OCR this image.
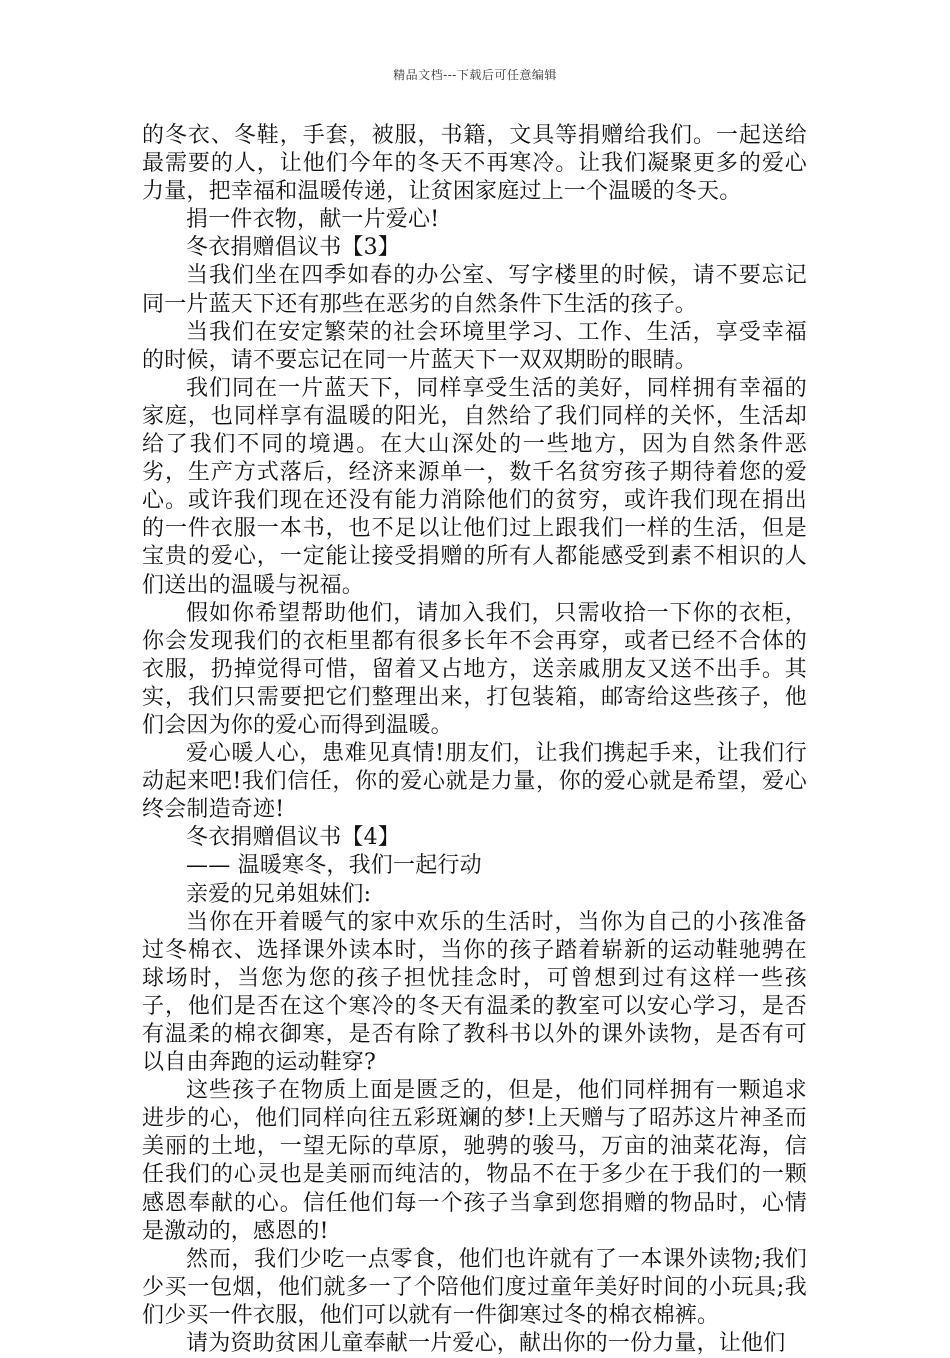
精品文档---下载后可任意编辑

的冬衣、冬鞋，手套，被服，书籍，文具等捐赠给我们。一起送给最需要的人，让他们今年的冬天不再寒冷。让我们凝聚更多的爱心力量，把幸福和温暖传递，让贫困家庭过上一个温暖的冬天。

捐一件衣物，献一片爱心!

冬衣捐赠倡议书【3】

当我们坐在四季如春的办公室、写字楼里的时候，请不要忘记同一片蓝天下还有那些在恶劣的自然条件下生活的孩子。

当我们在安定繁荣的社会环境里学习、工作、生活，享受幸福的时候，请不要忘记在同一片蓝天下一双双期盼的眼睛。

我们同在一片蓝天下，同样享受生活的美好，同样拥有幸福的家庭，也同样享有温暖的阳光，自然给了我们同样的关怀，生活却给了我们不同的境遇。在大山深处的一些地方，因为自然条件恶劣，生产方式落后，经济来源单一，数千名贫穷孩子期待着您的爱心。或许我们现在还没有能力消除他们的贫穷，或许我们现在捐出的一件衣服一本书，也不足以让他们过上跟我们一样的生活，但是宝贵的爱心，一定能让接受捐赠的所有人都能感受到素不相识的人们送出的温暖与祝福。

假如你希望帮助他们，请加入我们，只需收拾一下你的衣柜，你会发现我们的衣柜里都有很多长年不会再穿，或者已经不合体的衣服，扔掉觉得可惜，留着又占地方，送亲戚朋友又送不出手。其实，我们只需要把它们整理出来，打包装箱，邮寄给这些孩子，他们会因为你的爱心而得到温暖。

爱心暖人心，患难见真情!朋友们，让我们携起手来，让我们行动起来吧!我们信任，你的爱心就是力量，你的爱心就是希望，爱心终会制造奇迹!

冬衣捐赠倡议书【4】

—— 温暖寒冬，我们一起行动

亲爱的兄弟姐妹们:

当你在开着暖气的家中欢乐的生活时，当你为自己的小孩准备过冬棉衣、选择课外读本时，当你的孩子踏着崭新的运动鞋驰骋在球场时，当您为您的孩子担忧挂念时，可曾想到过有这样一些孩子，他们是否在这个寒冷的冬天有温柔的教室可以安心学习，是否有温柔的棉衣御寒，是否有除了教科书以外的课外读物，是否有可以自由奔跑的运动鞋穿?

这些孩子在物质上面是匮乏的，但是，他们同样拥有一颗追求进步的心，他们同样向往五彩斑斓的梦!上天赠与了昭苏这片神圣而美丽的土地，一望无际的草原，驰骋的骏马，万亩的油菜花海，信任我们的心灵也是美丽而纯洁的，物品不在于多少在于我们的一颗感恩奉献的心。信任他们每一个孩子当拿到您捐赠的物品时，心情是激动的，感恩的!

然而，我们少吃一点零食，他们也许就有了一本课外读物;我们少买一包烟，他们就多一了个陪他们度过童年美好时间的小玩具;我们少买一件衣服，他们可以就有一件御寒过冬的棉衣棉裤。

请为资助贫困儿童奉献一片爱心，献出你的一份力量，让他们
